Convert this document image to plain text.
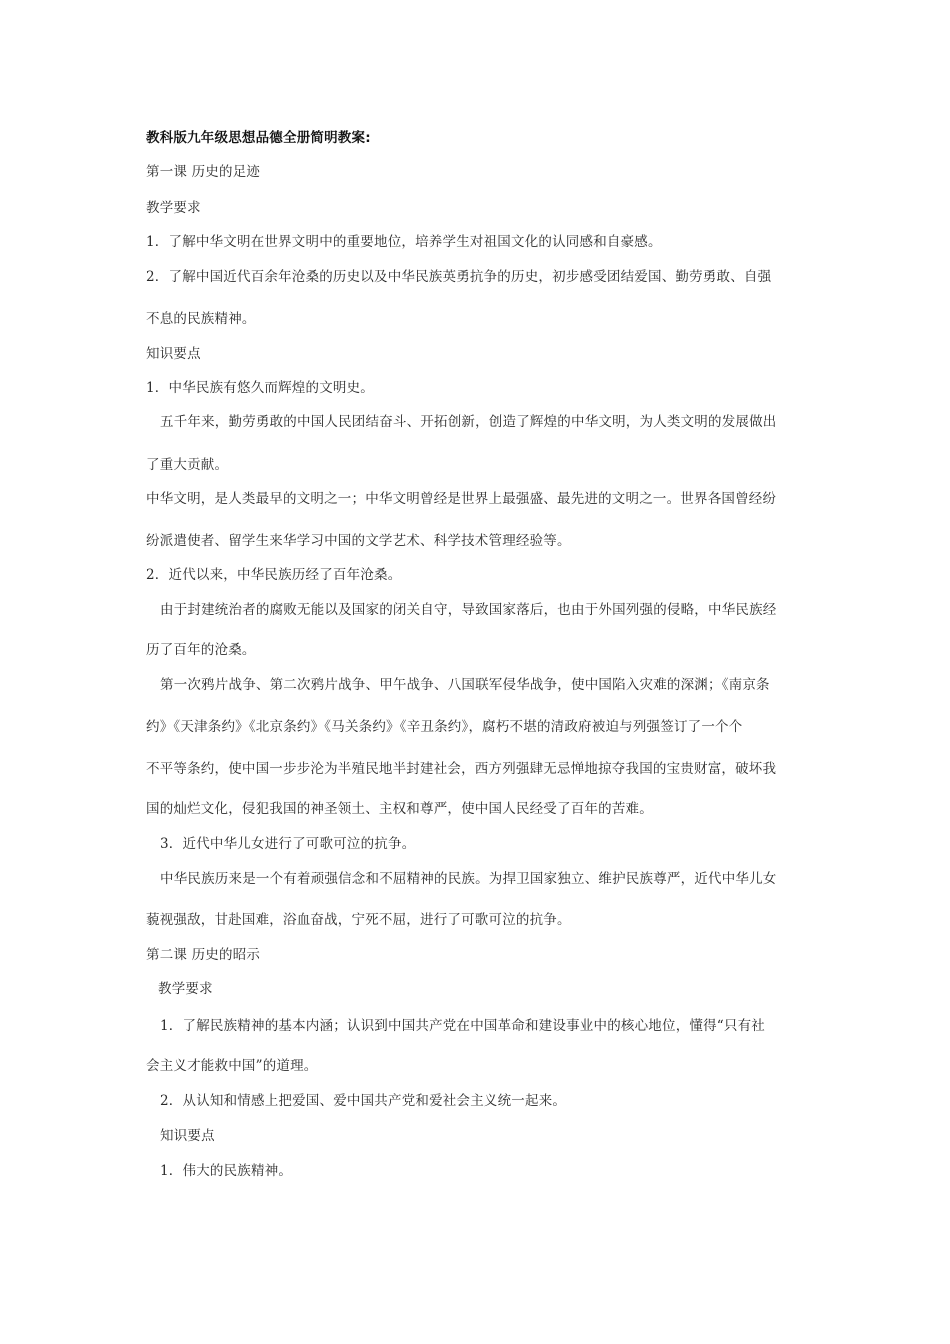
教科版九年级思想品德全册简明教案:

第一课 历史的足迹

教学要求

1．了解中华文明在世界文明中的重要地位，培养学生对祖国文化的认同感和自豪感。

2．了解中国近代百余年沧桑的历史以及中华民族英勇抗争的历史，初步感受团结爱国、勤劳勇敢、自强

不息的民族精神。

知识要点

1．中华民族有悠久而辉煌的文明史。

五千年来，勤劳勇敢的中国人民团结奋斗、开拓创新，创造了辉煌的中华文明，为人类文明的发展做出

了重大贡献。

中华文明，是人类最早的文明之一；中华文明曾经是世界上最强盛、最先进的文明之一。世界各国曾经纷

纷派遣使者、留学生来华学习中国的文学艺术、科学技术管理经验等。

2．近代以来，中华民族历经了百年沧桑。

由于封建统治者的腐败无能以及国家的闭关自守，导致国家落后，也由于外国列强的侵略，中华民族经

历了百年的沧桑。

第一次鸦片战争、第二次鸦片战争、甲午战争、八国联军侵华战争，使中国陷入灾难的深渊；《南京条

约》《天津条约》《北京条约》《马关条约》《辛丑条约》，腐朽不堪的清政府被迫与列强签订了一个个

不平等条约，使中国一步步沦为半殖民地半封建社会，西方列强肆无忌惮地掠夺我国的宝贵财富，破坏我

国的灿烂文化，侵犯我国的神圣领土、主权和尊严，使中国人民经受了百年的苦难。

3．近代中华儿女进行了可歌可泣的抗争。

中华民族历来是一个有着顽强信念和不屈精神的民族。为捍卫国家独立、维护民族尊严，近代中华儿女

藐视强敌，甘赴国难，浴血奋战，宁死不屈，进行了可歌可泣的抗争。

第二课 历史的昭示

教学要求

1．了解民族精神的基本内涵；认识到中国共产党在中国革命和建设事业中的核心地位，懂得“只有社

会主义才能救中国”的道理。

2．从认知和情感上把爱国、爱中国共产党和爱社会主义统一起来。

知识要点

1．伟大的民族精神。
